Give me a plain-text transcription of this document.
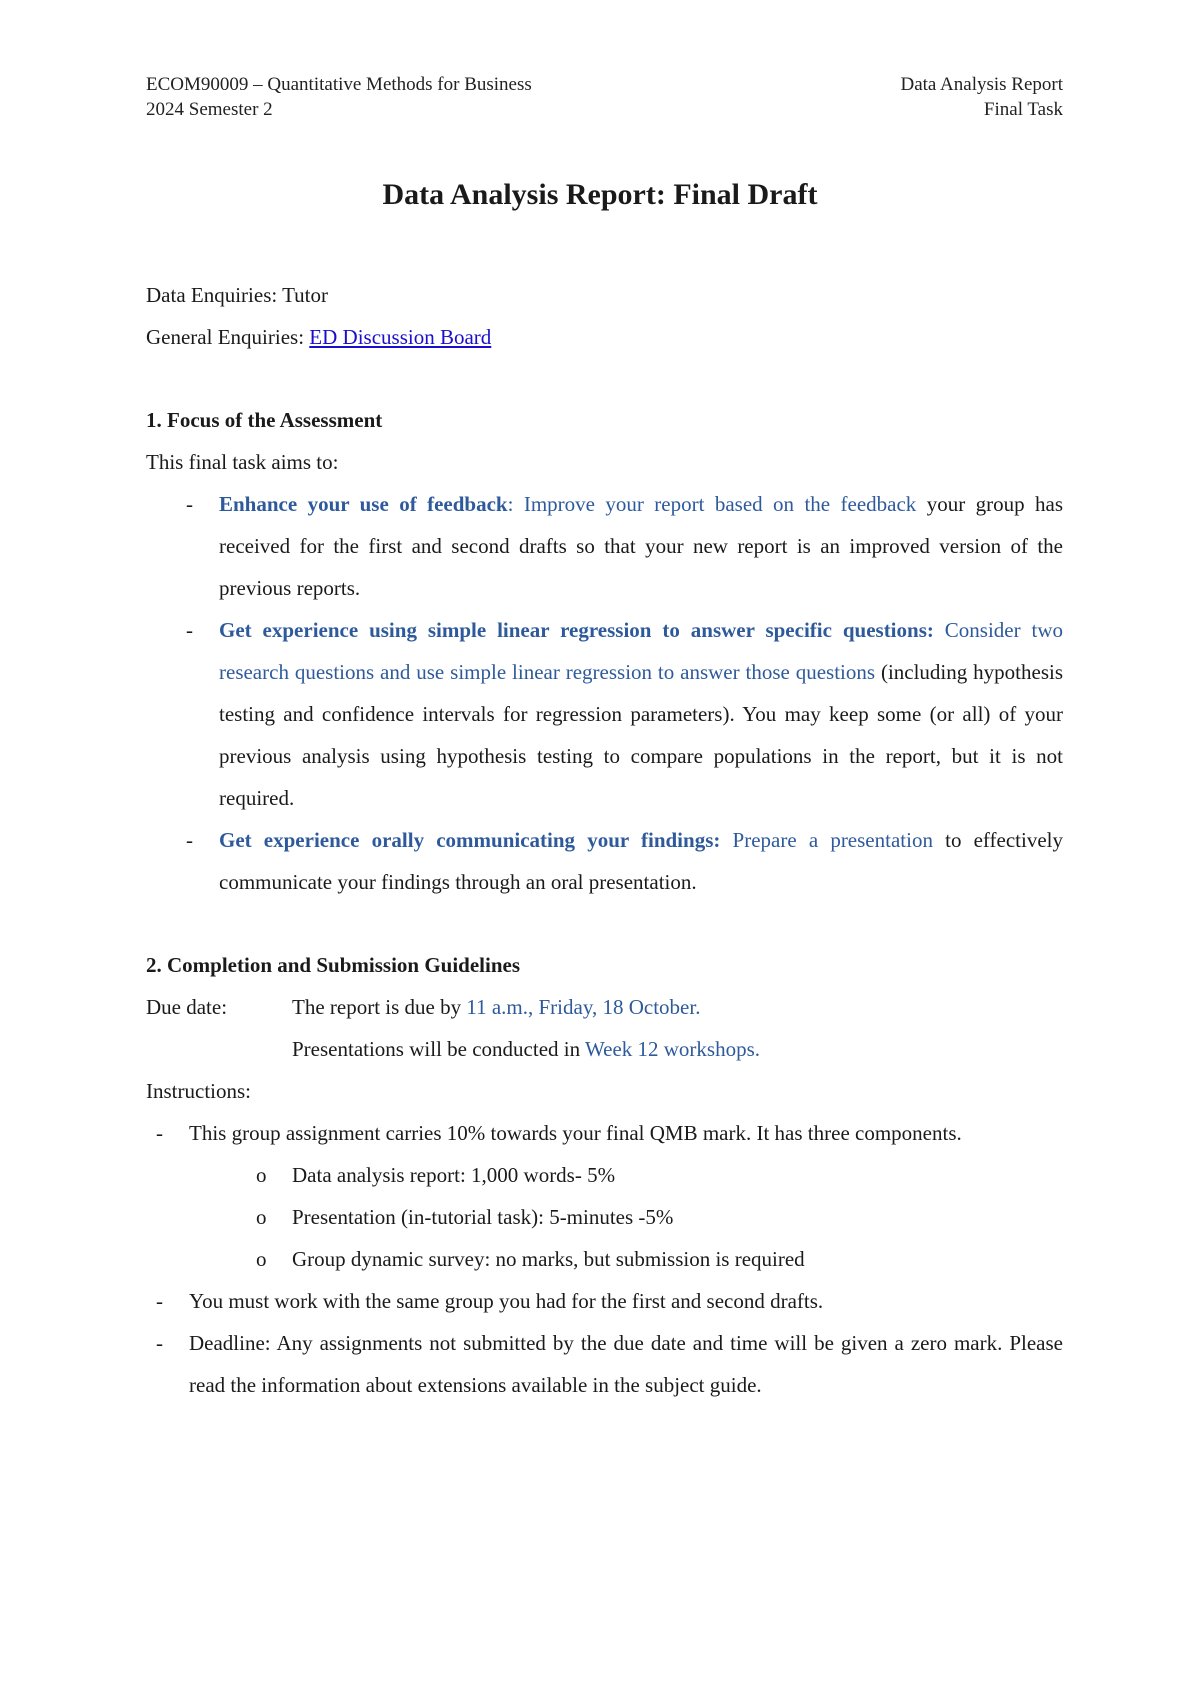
ECOM90009 – Quantitative Methods for Business
2024 Semester 2
Data Analysis Report
Final Task
Data Analysis Report: Final Draft

Data Enquiries: Tutor

General Enquiries: ED Discussion Board

1. Focus of the Assessment

This final task aims to:

- Enhance your use of feedback: Improve your report based on the feedback your group has received for the first and second drafts so that your new report is an improved version of the previous reports.
- Get experience using simple linear regression to answer specific questions: Consider two research questions and use simple linear regression to answer those questions (including hypothesis testing and confidence intervals for regression parameters). You may keep some (or all) of your previous analysis using hypothesis testing to compare populations in the report, but it is not required.
- Get experience orally communicating your findings: Prepare a presentation to effectively communicate your findings through an oral presentation.

2. Completion and Submission Guidelines

Due date:	The report is due by 11 a.m., Friday, 18 October.

Presentations will be conducted in Week 12 workshops.

Instructions:

- This group assignment carries 10% towards your final QMB mark. It has three components.
o Data analysis report: 1,000 words- 5%
o Presentation (in-tutorial task): 5-minutes -5%
o Group dynamic survey: no marks, but submission is required
- You must work with the same group you had for the first and second drafts.
- Deadline: Any assignments not submitted by the due date and time will be given a zero mark. Please read the information about extensions available in the subject guide.
